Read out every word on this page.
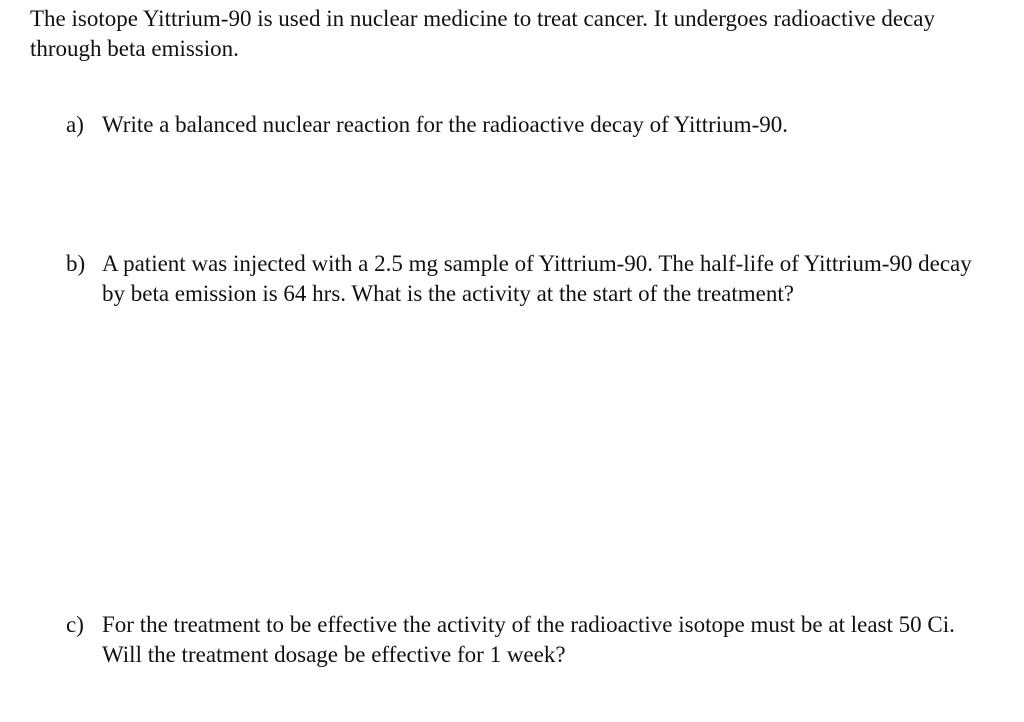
The isotope Yittrium-90 is used in nuclear medicine to treat cancer. It undergoes radioactive decay through beta emission.
a) Write a balanced nuclear reaction for the radioactive decay of Yittrium-90.
b) A patient was injected with a 2.5 mg sample of Yittrium-90. The half-life of Yittrium-90 decay by beta emission is 64 hrs. What is the activity at the start of the treatment?
c) For the treatment to be effective the activity of the radioactive isotope must be at least 50 Ci. Will the treatment dosage be effective for 1 week?
